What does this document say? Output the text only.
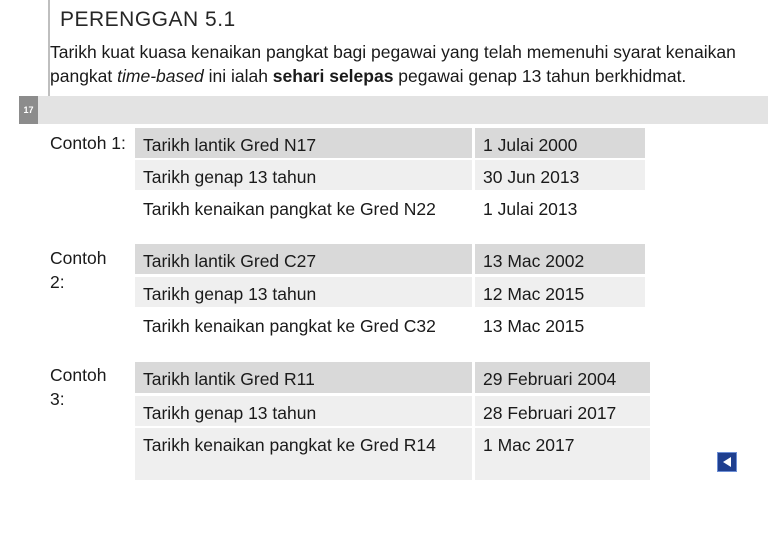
17
PERENGGAN 5.1
Tarikh kuat kuasa kenaikan pangkat bagi pegawai yang telah memenuhi syarat kenaikan pangkat time-based ini ialah sehari selepas pegawai genap 13 tahun berkhidmat.
Contoh 1: Tarikh lantik Gred N17	1 Julai 2000
Tarikh genap 13 tahun	30 Jun 2013
Tarikh kenaikan pangkat ke Gred N22	1 Julai 2013
Contoh 2:
Tarikh lantik Gred C27	13 Mac 2002
Tarikh genap 13 tahun	12 Mac 2015
Tarikh kenaikan pangkat ke Gred C32	13 Mac 2015
Contoh 3:
Tarikh lantik Gred R11	29 Februari 2004
Tarikh genap 13 tahun	28 Februari 2017
Tarikh kenaikan pangkat ke Gred R14	1 Mac 2017
